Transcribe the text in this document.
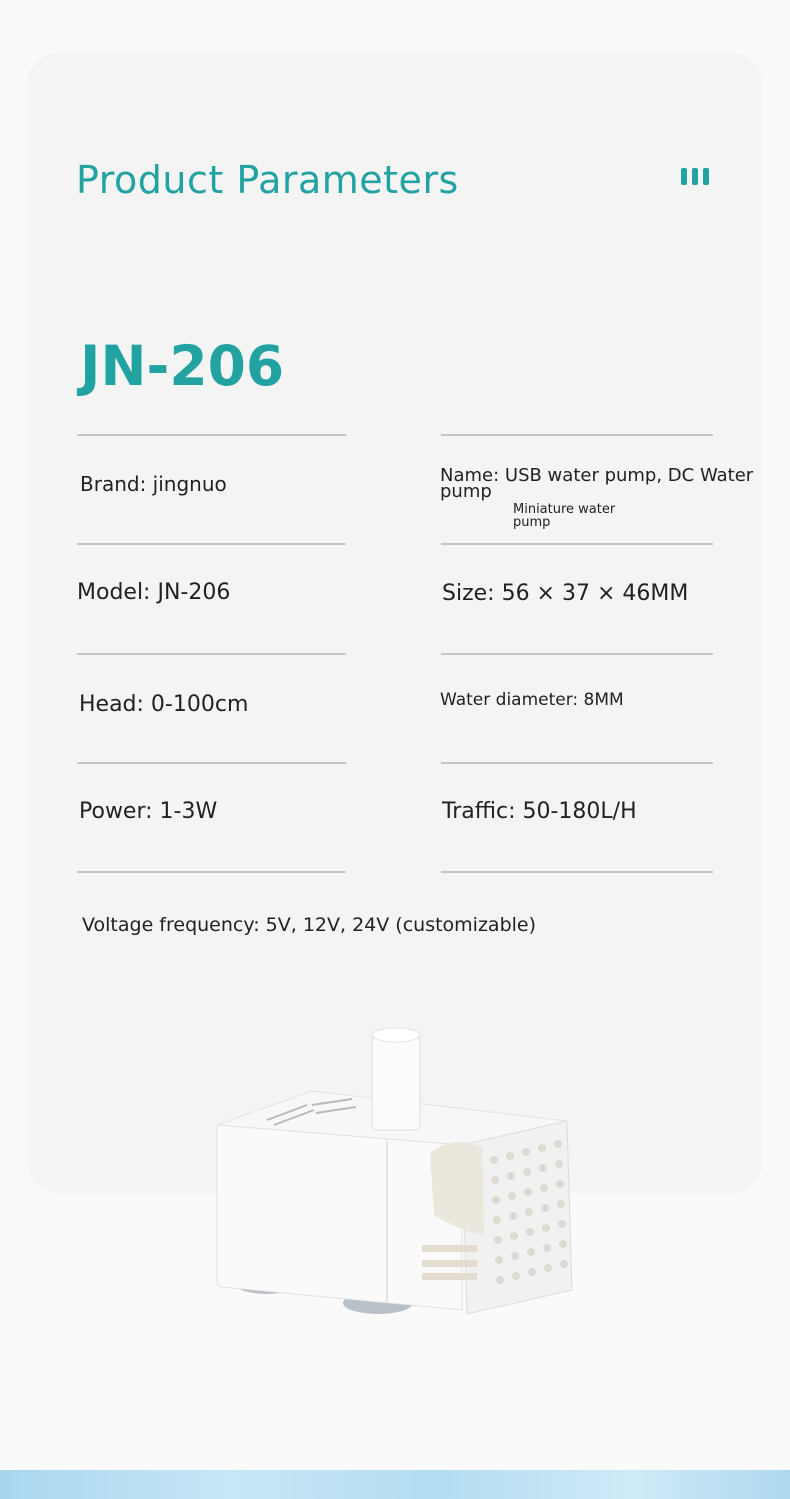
Product Parameters
JN-206
Brand: jingnuo	Name: USB water pump, DC Water pump
Miniature water pump
Model: JN-206	Size: 56 × 37 × 46MM
Head: 0-100cm	Water diameter: 8MM
Power: 1-3W	Traffic: 50-180L/H
Voltage frequency: 5V, 12V, 24V (customizable)
